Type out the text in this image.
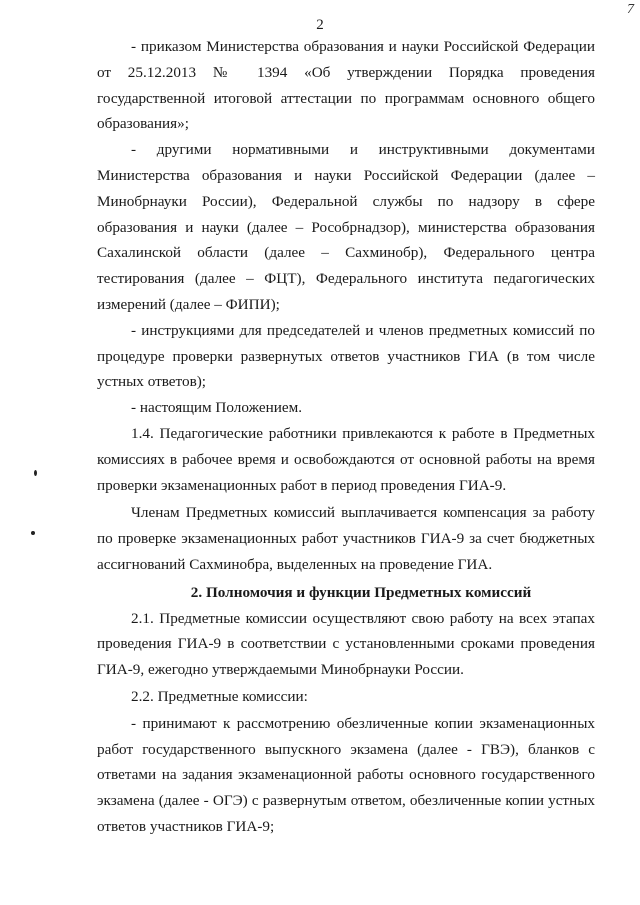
2
7

- приказом Министерства образования и науки Российской Федерации от 25.12.2013 № 1394 «Об утверждении Порядка проведения государственной итоговой аттестации по программам основного общего образования»;

- другими нормативными и инструктивными документами Министерства образования и науки Российской Федерации (далее – Минобрнауки России), Федеральной службы по надзору в сфере образования и науки (далее – Рособрнадзор), министерства образования Сахалинской области (далее – Сахминобр), Федерального центра тестирования (далее – ФЦТ), Федерального института педагогических измерений (далее – ФИПИ);

- инструкциями для председателей и членов предметных комиссий по процедуре проверки развернутых ответов участников ГИА (в том числе устных ответов);

- настоящим Положением.

1.4. Педагогические работники привлекаются к работе в Предметных комиссиях в рабочее время и освобождаются от основной работы на время проверки экзаменационных работ в период проведения ГИА-9.

Членам Предметных комиссий выплачивается компенсация за работу по проверке экзаменационных работ участников ГИА-9 за счет бюджетных ассигнований Сахминобра, выделенных на проведение ГИА.

2. Полномочия и функции Предметных комиссий

2.1. Предметные комиссии осуществляют свою работу на всех этапах проведения ГИА-9 в соответствии с установленными сроками проведения ГИА-9, ежегодно утверждаемыми Минобрнауки России.

2.2. Предметные комиссии:

- принимают к рассмотрению обезличенные копии экзаменационных работ государственного выпускного экзамена (далее - ГВЭ), бланков с ответами на задания экзаменационной работы основного государственного экзамена (далее - ОГЭ) с развернутым ответом, обезличенные копии устных ответов участников ГИА-9;
